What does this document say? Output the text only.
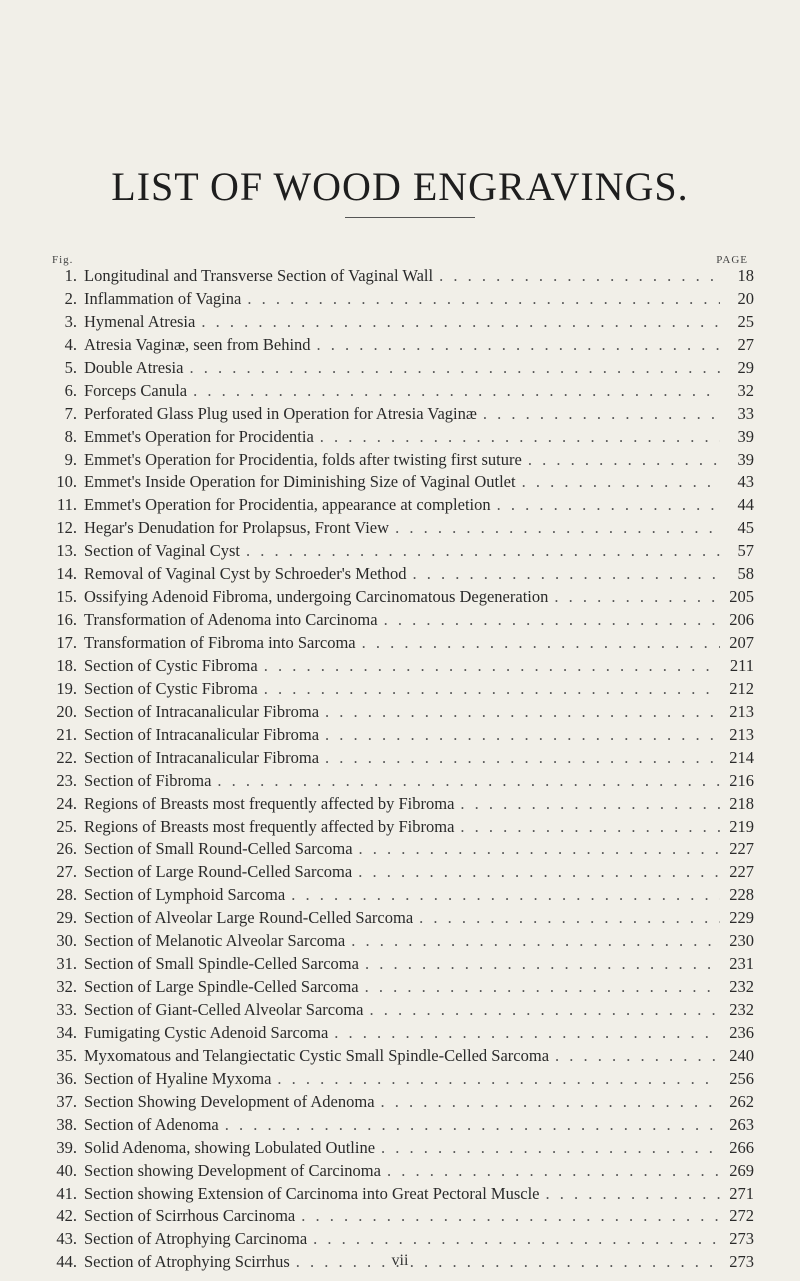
LIST OF WOOD ENGRAVINGS.
Fig.	PAGE
1. Longitudinal and Transverse Section of Vaginal Wall . . .	18
2. Inflammation of Vagina . . .	20
3. Hymenal Atresia . . .	25
4. Atresia Vaginæ, seen from Behind . . .	27
5. Double Atresia . . .	29
6. Forceps Canula . . .	32
7. Perforated Glass Plug used in Operation for Atresia Vaginæ . . .	33
8. Emmet's Operation for Procidentia . . .	39
9. Emmet's Operation for Procidentia, folds after twisting first suture . . .	39
10. Emmet's Inside Operation for Diminishing Size of Vaginal Outlet . . .	43
11. Emmet's Operation for Procidentia, appearance at completion . . .	44
12. Hegar's Denudation for Prolapsus, Front View . . .	45
13. Section of Vaginal Cyst . . .	57
14. Removal of Vaginal Cyst by Schroeder's Method . . .	58
15. Ossifying Adenoid Fibroma, undergoing Carcinomatous Degeneration . . .	205
16. Transformation of Adenoma into Carcinoma . . .	206
17. Transformation of Fibroma into Sarcoma . . .	207
18. Section of Cystic Fibroma . . .	211
19. Section of Cystic Fibroma . . .	212
20. Section of Intracanalicular Fibroma . . .	213
21. Section of Intracanalicular Fibroma . . .	213
22. Section of Intracanalicular Fibroma . . .	214
23. Section of Fibroma . . .	216
24. Regions of Breasts most frequently affected by Fibroma . . .	218
25. Regions of Breasts most frequently affected by Fibroma . . .	219
26. Section of Small Round-Celled Sarcoma . . .	227
27. Section of Large Round-Celled Sarcoma . . .	227
28. Section of Lymphoid Sarcoma . . .	228
29. Section of Alveolar Large Round-Celled Sarcoma . . .	229
30. Section of Melanotic Alveolar Sarcoma . . .	230
31. Section of Small Spindle-Celled Sarcoma . . .	231
32. Section of Large Spindle-Celled Sarcoma . . .	232
33. Section of Giant-Celled Alveolar Sarcoma . . .	232
34. Fumigating Cystic Adenoid Sarcoma . . .	236
35. Myxomatous and Telangiectatic Cystic Small Spindle-Celled Sarcoma . . .	240
36. Section of Hyaline Myxoma . . .	256
37. Section Showing Development of Adenoma . . .	262
38. Section of Adenoma . . .	263
39. Solid Adenoma, showing Lobulated Outline . . .	266
40. Section showing Development of Carcinoma . . .	269
41. Section showing Extension of Carcinoma into Great Pectoral Muscle . . .	271
42. Section of Scirrhous Carcinoma . . .	272
43. Section of Atrophying Carcinoma . . .	273
44. Section of Atrophying Scirrhus . . .	273
vii
